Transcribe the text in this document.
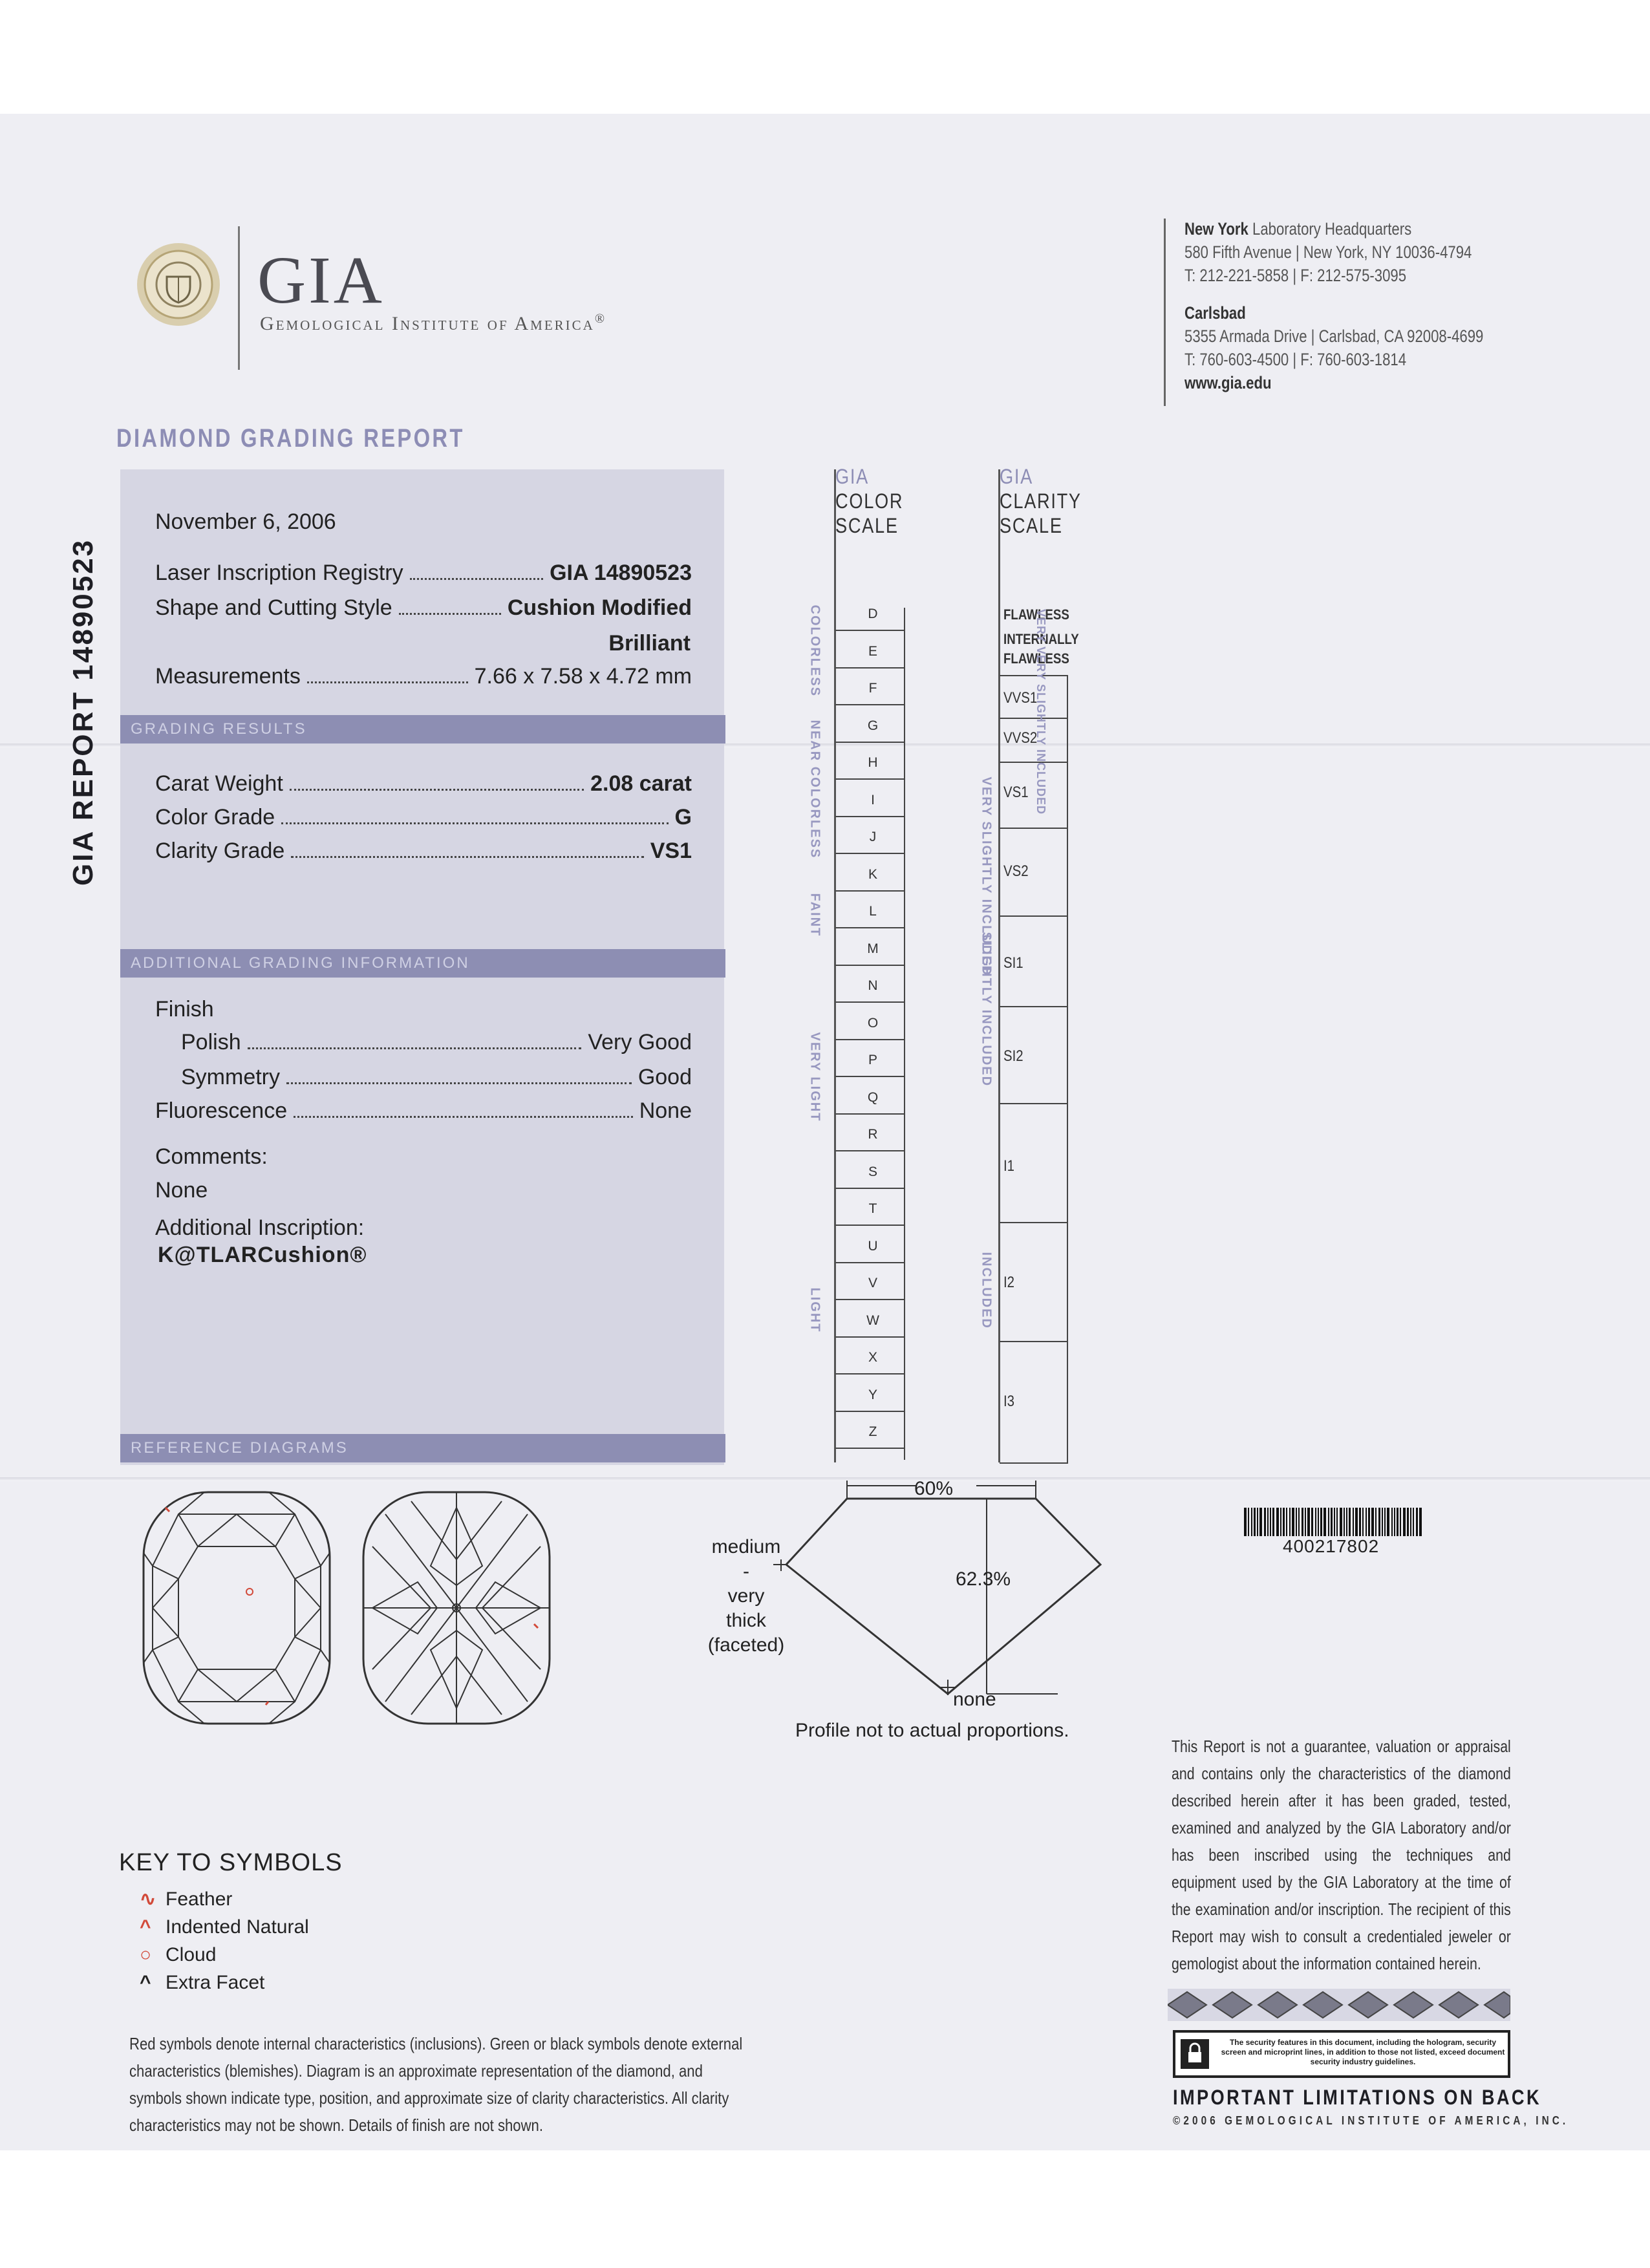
GIA
Gemological Institute of America®
New York Laboratory Headquarters
580 Fifth Avenue | New York, NY 10036-4794
T: 212-221-5858 | F: 212-575-3095
Carlsbad
5355 Armada Drive | Carlsbad, CA 92008-4699
T: 760-603-4500 | F: 760-603-1814
www.gia.edu
DIAMOND GRADING REPORT
GIA REPORT 14890523
November 6, 2006
Laser Inscription Registry	GIA 14890523
Shape and Cutting Style	Cushion Modified
Brilliant
Measurements	7.66 x 7.58 x 4.72 mm
GRADING RESULTS
Carat Weight	2.08 carat
Color Grade	G
Clarity Grade	VS1
ADDITIONAL GRADING INFORMATION
Finish
Polish	Very Good
Symmetry	Good
Fluorescence	None
Comments:
None
Additional Inscription:
K@TLARCushion®
REFERENCE DIAGRAMS
GIA
COLOR
SCALE
D
E
F
G
H
I
J
K
L
M
N
O
P
Q
R
S
T
U
V
W
X
Y
Z
COLORLESS
NEAR COLORLESS
FAINT
VERY LIGHT
LIGHT
GIA
CLARITY
SCALE
FLAWLESS
INTERNALLY
FLAWLESS
VVS1
VVS2
VS1
VS2
SI1
SI2
I1
I2
I3
VERY VERY SLIGHTLY INCLUDED
VERY SLIGHTLY INCLUDED
SLIGHTLY INCLUDED
INCLUDED
60%
62.3%
medium
-
very
thick
(faceted)
none
Profile not to actual proportions.
400217802
KEY TO SYMBOLS
∿ Feather
^ Indented Natural
○ Cloud
^ Extra Facet
Red symbols denote internal characteristics (inclusions). Green or black symbols denote external characteristics (blemishes). Diagram is an approximate representation of the diamond, and symbols shown indicate type, position, and approximate size of clarity characteristics. All clarity characteristics may not be shown. Details of finish are not shown.
This Report is not a guarantee, valuation or appraisal and contains only the characteristics of the diamond described herein after it has been graded, tested, examined and analyzed by the GIA Laboratory and/or has been inscribed using the techniques and equipment used by the GIA Laboratory at the time of the examination and/or inscription. The recipient of this Report may wish to consult a credentialed jeweler or gemologist about the information contained herein.
The security features in this document, including the hologram, security screen and microprint lines, in addition to those not listed, exceed document security industry guidelines.
IMPORTANT LIMITATIONS ON BACK
©2006 GEMOLOGICAL INSTITUTE OF AMERICA, INC.
